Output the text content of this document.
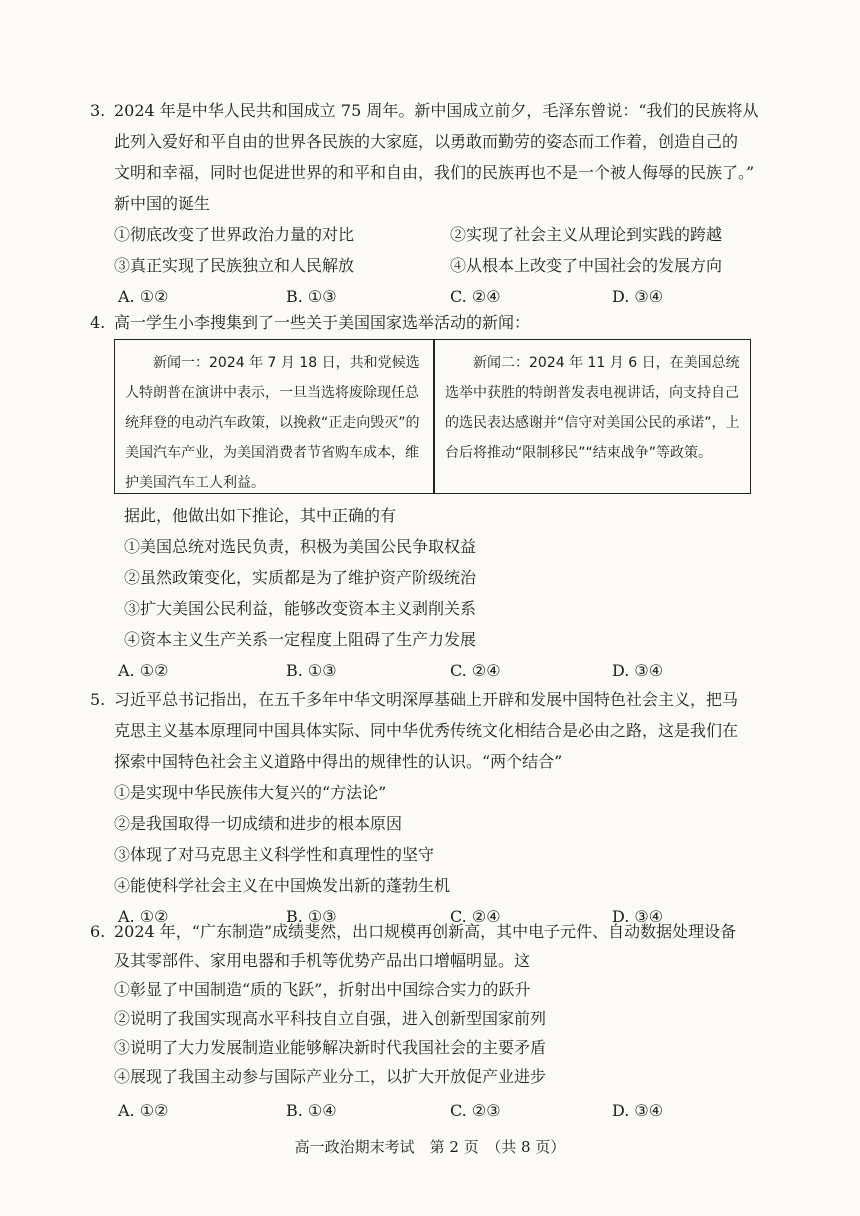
3. 2024 年是中华人民共和国成立 75 周年。新中国成立前夕，毛泽东曾说：“我们的民族将从
此列入爱好和平自由的世界各民族的大家庭，以勇敢而勤劳的姿态而工作着，创造自己的
文明和幸福，同时也促进世界的和平和自由，我们的民族再也不是一个被人侮辱的民族了。”
新中国的诞生
①彻底改变了世界政治力量的对比	②实现了社会主义从理论到实践的跨越
③真正实现了民族独立和人民解放	④从根本上改变了中国社会的发展方向
A. ①②	B. ①③	C. ②④	D. ③④
4. 高一学生小李搜集到了一些关于美国国家选举活动的新闻：
新闻一：2024 年 7 月 18 日，共和党候选人特朗普在演讲中表示，一旦当选将废除现任总统拜登的电动汽车政策，以挽救“正走向毁灭”的美国汽车产业，为美国消费者节省购车成本，维护美国汽车工人利益。
新闻二：2024 年 11 月 6 日，在美国总统选举中获胜的特朗普发表电视讲话，向支持自己的选民表达感谢并“信守对美国公民的承诺”，上台后将推动“限制移民”“结束战争”等政策。
据此，他做出如下推论，其中正确的有
①美国总统对选民负责，积极为美国公民争取权益
②虽然政策变化，实质都是为了维护资产阶级统治
③扩大美国公民利益，能够改变资本主义剥削关系
④资本主义生产关系一定程度上阻碍了生产力发展
A. ①②	B. ①③	C. ②④	D. ③④
5. 习近平总书记指出，在五千多年中华文明深厚基础上开辟和发展中国特色社会主义，把马
克思主义基本原理同中国具体实际、同中华优秀传统文化相结合是必由之路，这是我们在
探索中国特色社会主义道路中得出的规律性的认识。“两个结合”
①是实现中华民族伟大复兴的“方法论”
②是我国取得一切成绩和进步的根本原因
③体现了对马克思主义科学性和真理性的坚守
④能使科学社会主义在中国焕发出新的蓬勃生机
A. ①②	B. ①③	C. ②④	D. ③④
6. 2024 年，“广东制造”成绩斐然，出口规模再创新高，其中电子元件、自动数据处理设备
及其零部件、家用电器和手机等优势产品出口增幅明显。这
①彰显了中国制造“质的飞跃”，折射出中国综合实力的跃升
②说明了我国实现高水平科技自立自强，进入创新型国家前列
③说明了大力发展制造业能够解决新时代我国社会的主要矛盾
④展现了我国主动参与国际产业分工，以扩大开放促产业进步
A. ①②	B. ①④	C. ②③	D. ③④
高一政治期末考试　第 2 页　（共 8 页）
